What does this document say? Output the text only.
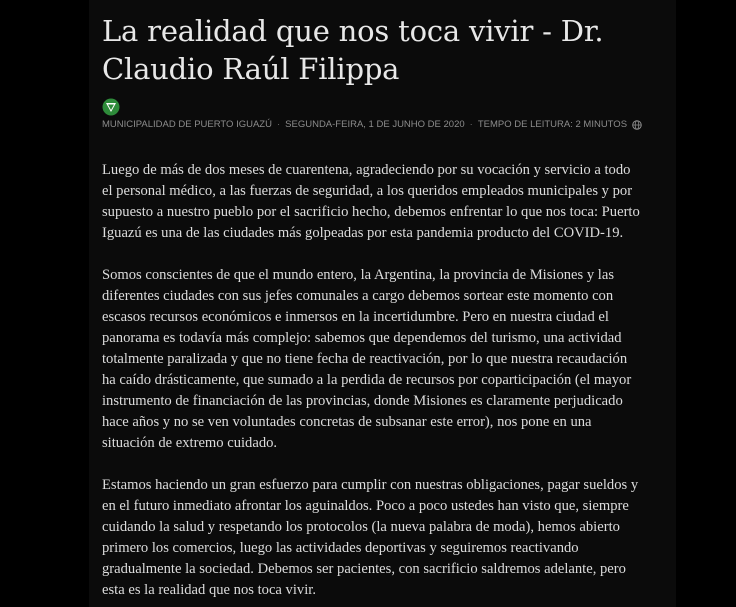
La realidad que nos toca vivir - Dr. Claudio Raúl Filippa
MUNICIPALIDAD DE PUERTO IGUAZÚ · SEGUNDA-FEIRA, 1 DE JUNHO DE 2020 · TEMPO DE LEITURA: 2 MINUTOS

Luego de más de dos meses de cuarentena, agradeciendo por su vocación y servicio a todo el personal médico, a las fuerzas de seguridad, a los queridos empleados municipales y por supuesto a nuestro pueblo por el sacrificio hecho, debemos enfrentar lo que nos toca: Puerto Iguazú es una de las ciudades más golpeadas por esta pandemia producto del COVID-19.

Somos conscientes de que el mundo entero, la Argentina, la provincia de Misiones y las diferentes ciudades con sus jefes comunales a cargo debemos sortear este momento con escasos recursos económicos e inmersos en la incertidumbre. Pero en nuestra ciudad el panorama es todavía más complejo: sabemos que dependemos del turismo, una actividad totalmente paralizada y que no tiene fecha de reactivación, por lo que nuestra recaudación ha caído drásticamente, que sumado a la perdida de recursos por coparticipación (el mayor instrumento de financiación de las provincias, donde Misiones es claramente perjudicado hace años y no se ven voluntades concretas de subsanar este error), nos pone en una situación de extremo cuidado.

Estamos haciendo un gran esfuerzo para cumplir con nuestras obligaciones, pagar sueldos y en el futuro inmediato afrontar los aguinaldos. Poco a poco ustedes han visto que, siempre cuidando la salud y respetando los protocolos (la nueva palabra de moda), hemos abierto primero los comercios, luego las actividades deportivas y seguiremos reactivando gradualmente la sociedad. Debemos ser pacientes, con sacrificio saldremos adelante, pero esta es la realidad que nos toca vivir.
